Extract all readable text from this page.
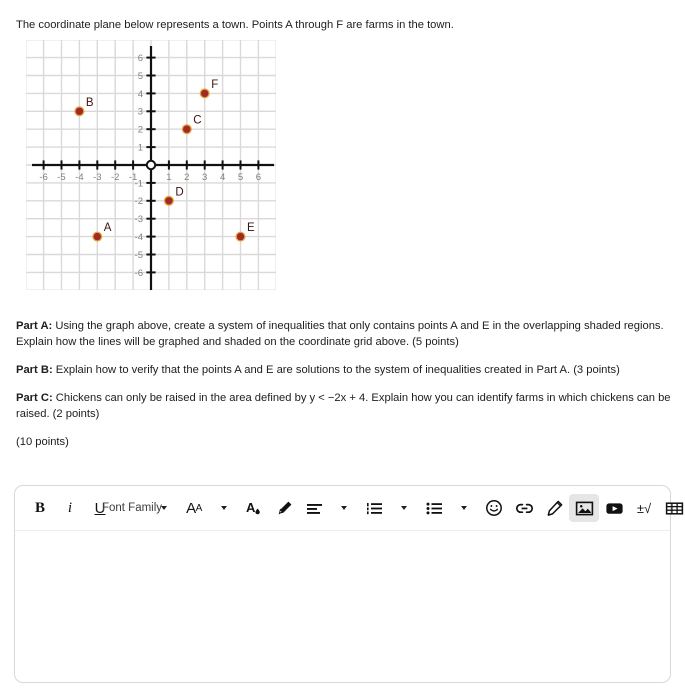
The coordinate plane below represents a town. Points A through F are farms in the town.

-6 -5 -4 -3 -2 -1	1 2 3 4 5 6
6
5
4
3
2
1
-1
-2
-3
-4
-5
-6
A
B
C
D
E
F

Part A: Using the graph above, create a system of inequalities that only contains points A and E in the overlapping shaded regions. Explain how the lines will be graphed and shaded on the coordinate grid above. (5 points)

Part B: Explain how to verify that the points A and E are solutions to the system of inequalities created in Part A. (3 points)

Part C: Chickens can only be raised in the area defined by y < −2x + 4. Explain how you can identify farms in which chickens can be raised. (2 points)

(10 points)

B	i	U
Font Family A A	A	±√
